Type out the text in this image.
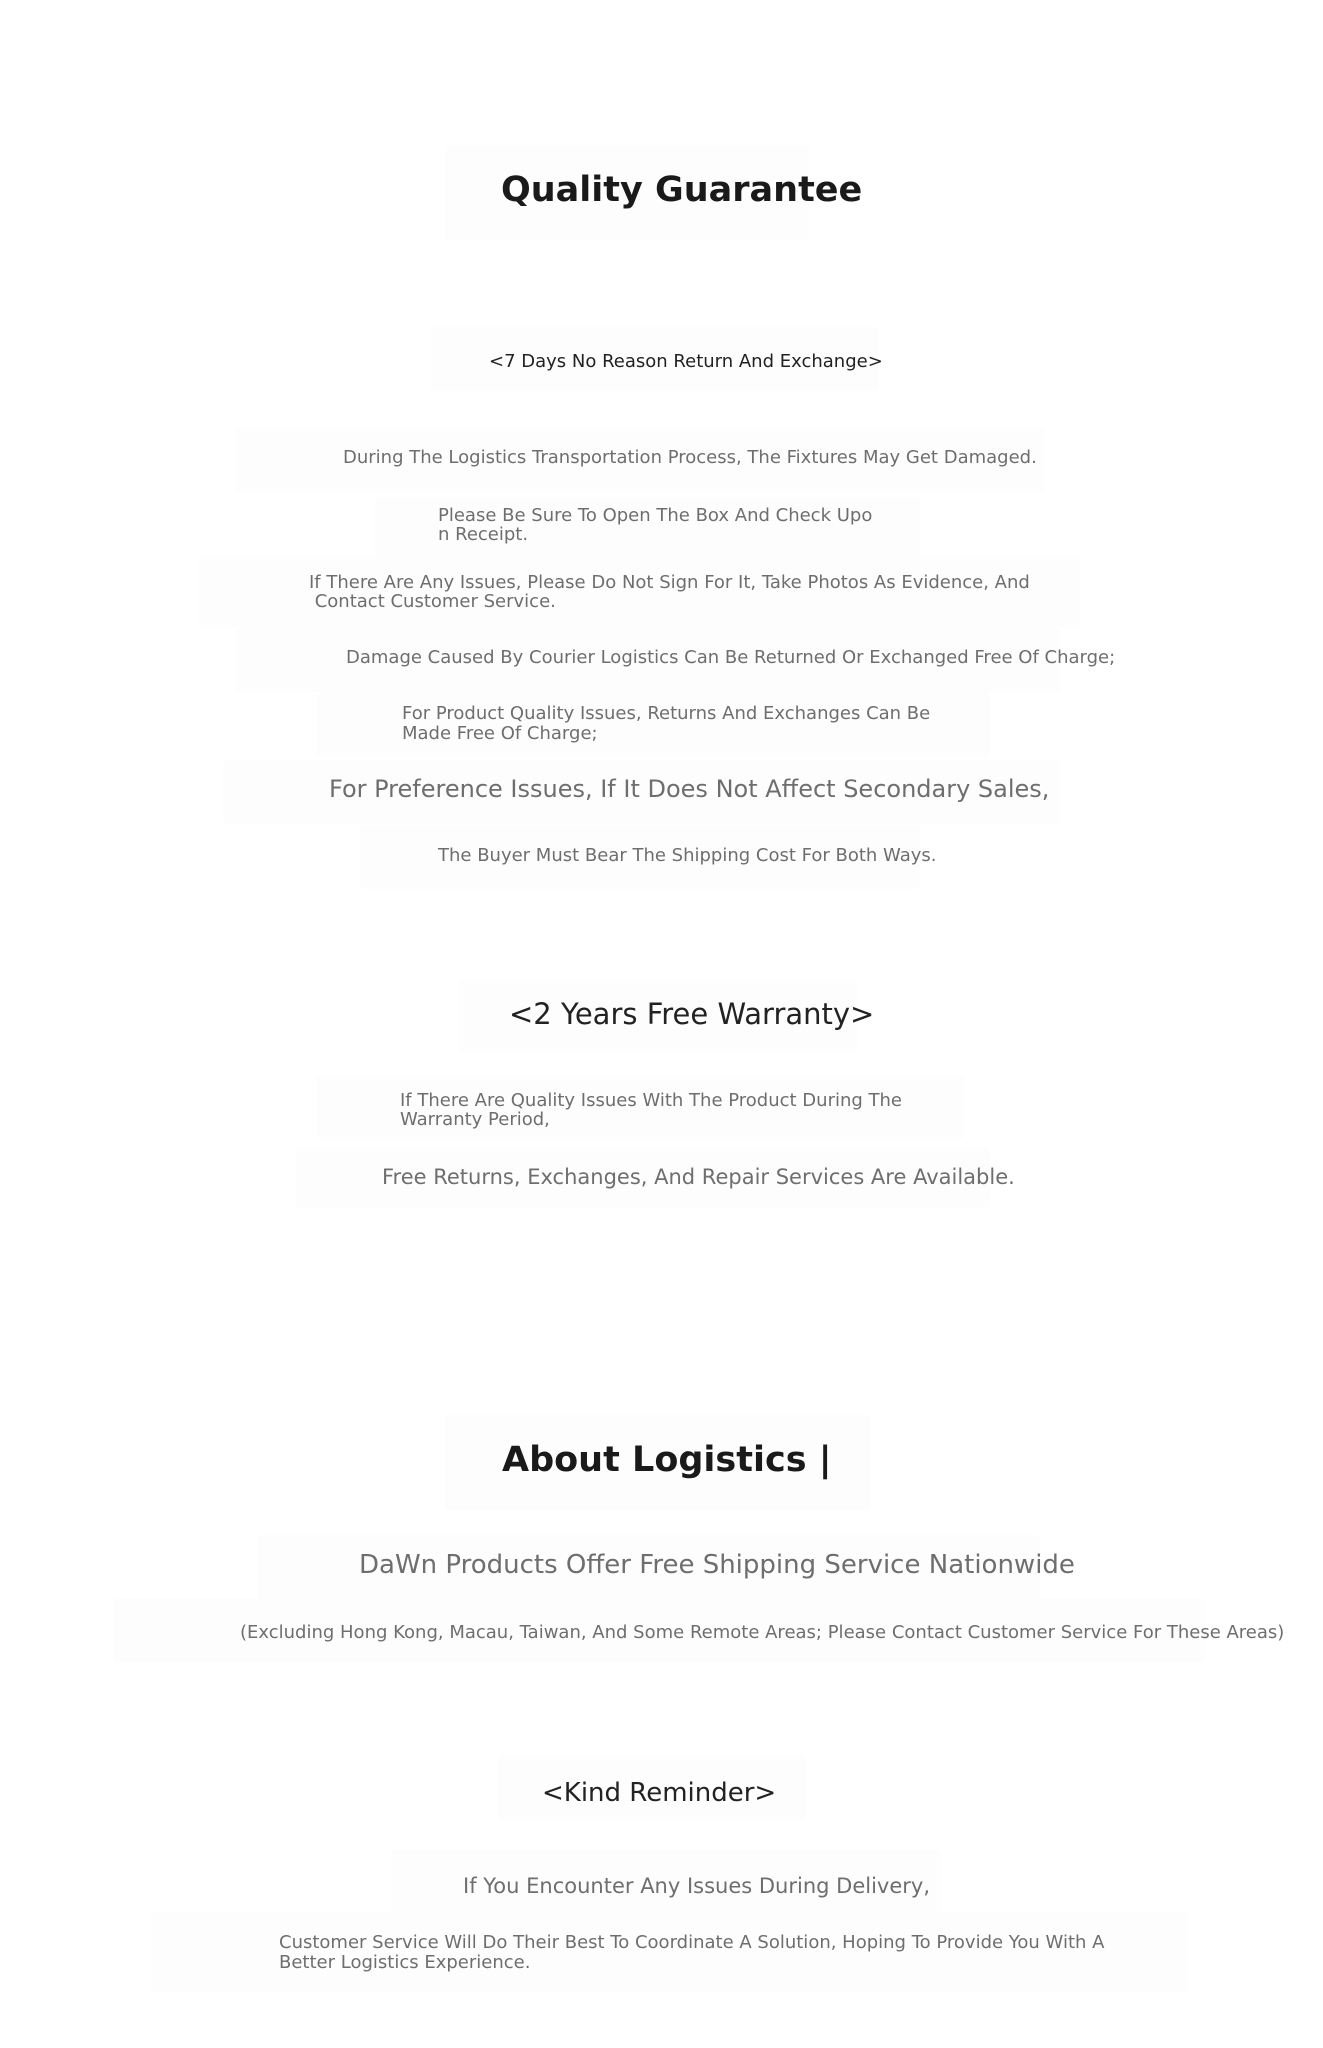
Quality Guarantee
<7 Days No Reason Return And Exchange>
During The Logistics Transportation Process, The Fixtures May Get Damaged.
Please Be Sure To Open The Box And Check Upo
n Receipt.
If There Are Any Issues, Please Do Not Sign For It, Take Photos As Evidence, And
Contact Customer Service.
Damage Caused By Courier Logistics Can Be Returned Or Exchanged Free Of Charge;
For Product Quality Issues, Returns And Exchanges Can Be
Made Free Of Charge;
For Preference Issues, If It Does Not Affect Secondary Sales,
The Buyer Must Bear The Shipping Cost For Both Ways.
<2 Years Free Warranty>
If There Are Quality Issues With The Product During The
Warranty Period,
Free Returns, Exchanges, And Repair Services Are Available.
About Logistics |
DaWn Products Offer Free Shipping Service Nationwide
(Excluding Hong Kong, Macau, Taiwan, And Some Remote Areas; Please Contact Customer Service For These Areas)
<Kind Reminder>
If You Encounter Any Issues During Delivery,
Customer Service Will Do Their Best To Coordinate A Solution, Hoping To Provide You With A
Better Logistics Experience.
